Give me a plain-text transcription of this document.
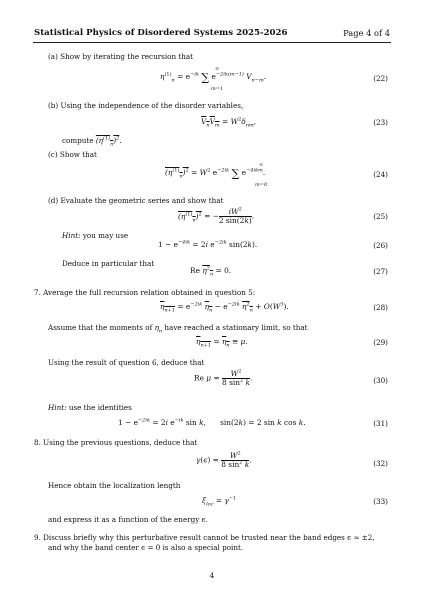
Statistical Physics of Disordered Systems 2025-2026	Page 4 of 4
(a) Show by iterating the recursion that
$\eta^{(1)}_n = e^{-ik}$ ∑ $e^{-2ik(m-1)}$ $V_{n-m}$.
∞
m=1
(22)
(b) Using the independence of the disorder variables,
$V_nV_m = W^2\delta_{nm}$,	(23)
compute $(\eta^{(1)}_n)^2$.
(c) Show that
$(\eta^{(1)}_n)^2 = W^2$ $e^{-2ik}$ ∑ $e^{-4ikm}$.
∞
m=0
(24)
(d) Evaluate the geometric series and show that
$(\eta^{(1)}_n)^2$ = − $\frac{iW^2}{2 \sin(2k)}$ .	(25)
Hint: you may use
$1 - e^{-4ik} = 2i$ $e^{-2ik}$ sin(2k).	(26)
Deduce in particular that
Re $\eta^2_n = 0$.	(27)
7. Average the full recursion relation obtained in question 5:
$\eta_{n+1} = e^{-2ik}$ $\eta_n - e^{-2ik}$ $\eta^2_n + O(W^3)$.	(28)
Assume that the moments of $\eta_n$ have reached a stationary limit, so that
$\eta_{n+1} = \eta_n \equiv \mu$.	(29)
Using the result of question 6, deduce that
Re $\mu = \frac{W^2}{8 \sin^2 k}$ .	(30)
Hint: use the identities
$1 - e^{-2ik} = 2i$ $e^{-ik}$ sin k, sin(2k) = 2 sin k cos k.	(31)
8. Using the previous questions, deduce that
$\gamma(\epsilon) = \frac{W^2}{8 \sin^2 k}$ .	(32)
Hence obtain the localization length
$\xi_{loc} = \gamma^{-1}$	(33)
and express it as a function of the energy ϵ.
9. Discuss briefly why this perturbative result cannot be trusted near the band edges ϵ ≃ ±2,
and why the band center ϵ = 0 is also a special point.
4
